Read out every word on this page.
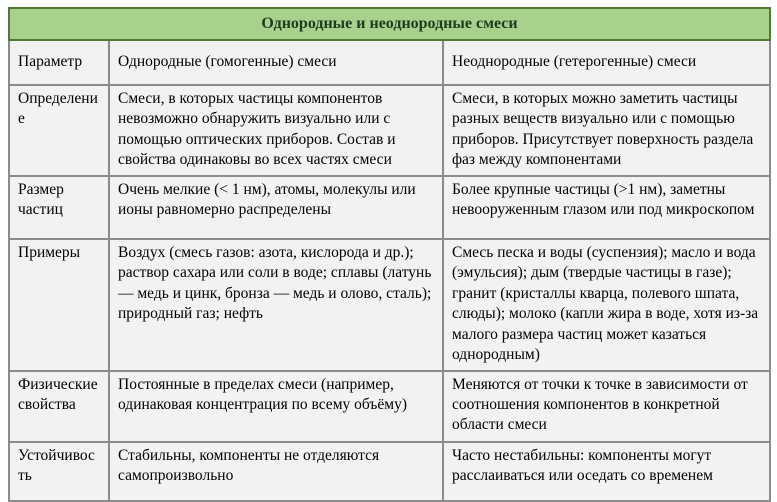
Однородные и неоднородные смеси		
Параметр	Однородные (гомогенные) смеси	Неоднородные (гетерогенные) смеси
Определение	Смеси, в которых частицы компонентов невозможно обнаружить визуально или с помощью оптических приборов. Состав и свойства одинаковы во всех частях смеси	Смеси, в которых можно заметить частицы разных веществ визуально или с помощью приборов. Присутствует поверхность раздела фаз между компонентами
Размер частиц	Очень мелкие (< 1 нм), атомы, молекулы или ионы равномерно распределены	Более крупные частицы (>1 нм), заметны невооруженным глазом или под микроскопом
Примеры	Воздух (смесь газов: азота, кислорода и др.); раствор сахара или соли в воде; сплавы (латунь — медь и цинк, бронза — медь и олово, сталь); природный газ; нефть	Смесь песка и воды (суспензия); масло и вода (эмульсия); дым (твердые частицы в газе); гранит (кристаллы кварца, полевого шпата, слюды); молоко (капли жира в воде, хотя из-за малого размера частиц может казаться однородным)
Физические свойства	Постоянные в пределах смеси (например, одинаковая концентрация по всему объёму)	Меняются от точки к точке в зависимости от соотношения компонентов в конкретной области смеси
Устойчивость	Стабильны, компоненты не отделяются самопроизвольно	Часто нестабильны: компоненты могут расслаиваться или оседать со временем
